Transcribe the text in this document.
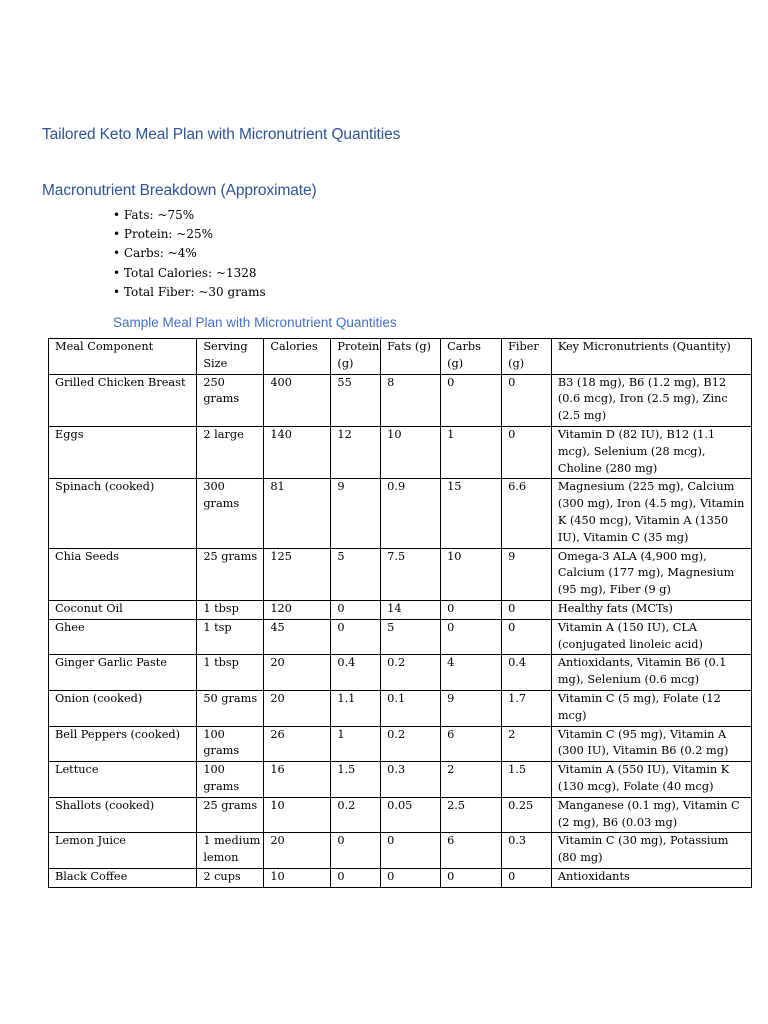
Tailored Keto Meal Plan with Micronutrient Quantities
Macronutrient Breakdown (Approximate)
• Fats: ~75%
• Protein: ~25%
• Carbs: ~4%
• Total Calories: ~1328
• Total Fiber: ~30 grams
Sample Meal Plan with Micronutrient Quantities
Meal Component	Serving Size	Calories	Protein (g)	Fats (g)	Carbs (g)	Fiber (g)	Key Micronutrients (Quantity)
Grilled Chicken Breast	250 grams	400	55	8	0	0	B3 (18 mg), B6 (1.2 mg), B12 (0.6 mcg), Iron (2.5 mg), Zinc (2.5 mg)
Eggs	2 large	140	12	10	1	0	Vitamin D (82 IU), B12 (1.1 mcg), Selenium (28 mcg), Choline (280 mg)
Spinach (cooked)	300 grams	81	9	0.9	15	6.6	Magnesium (225 mg), Calcium (300 mg), Iron (4.5 mg), Vitamin K (450 mcg), Vitamin A (1350 IU), Vitamin C (35 mg)
Chia Seeds	25 grams	125	5	7.5	10	9	Omega-3 ALA (4,900 mg), Calcium (177 mg), Magnesium (95 mg), Fiber (9 g)
Coconut Oil	1 tbsp	120	0	14	0	0	Healthy fats (MCTs)
Ghee	1 tsp	45	0	5	0	0	Vitamin A (150 IU), CLA (conjugated linoleic acid)
Ginger Garlic Paste	1 tbsp	20	0.4	0.2	4	0.4	Antioxidants, Vitamin B6 (0.1 mg), Selenium (0.6 mcg)
Onion (cooked)	50 grams	20	1.1	0.1	9	1.7	Vitamin C (5 mg), Folate (12 mcg)
Bell Peppers (cooked)	100 grams	26	1	0.2	6	2	Vitamin C (95 mg), Vitamin A (300 IU), Vitamin B6 (0.2 mg)
Lettuce	100 grams	16	1.5	0.3	2	1.5	Vitamin A (550 IU), Vitamin K (130 mcg), Folate (40 mcg)
Shallots (cooked)	25 grams	10	0.2	0.05	2.5	0.25	Manganese (0.1 mg), Vitamin C (2 mg), B6 (0.03 mg)
Lemon Juice	1 medium lemon	20	0	0	6	0.3	Vitamin C (30 mg), Potassium (80 mg)
Black Coffee	2 cups	10	0	0	0	0	Antioxidants
